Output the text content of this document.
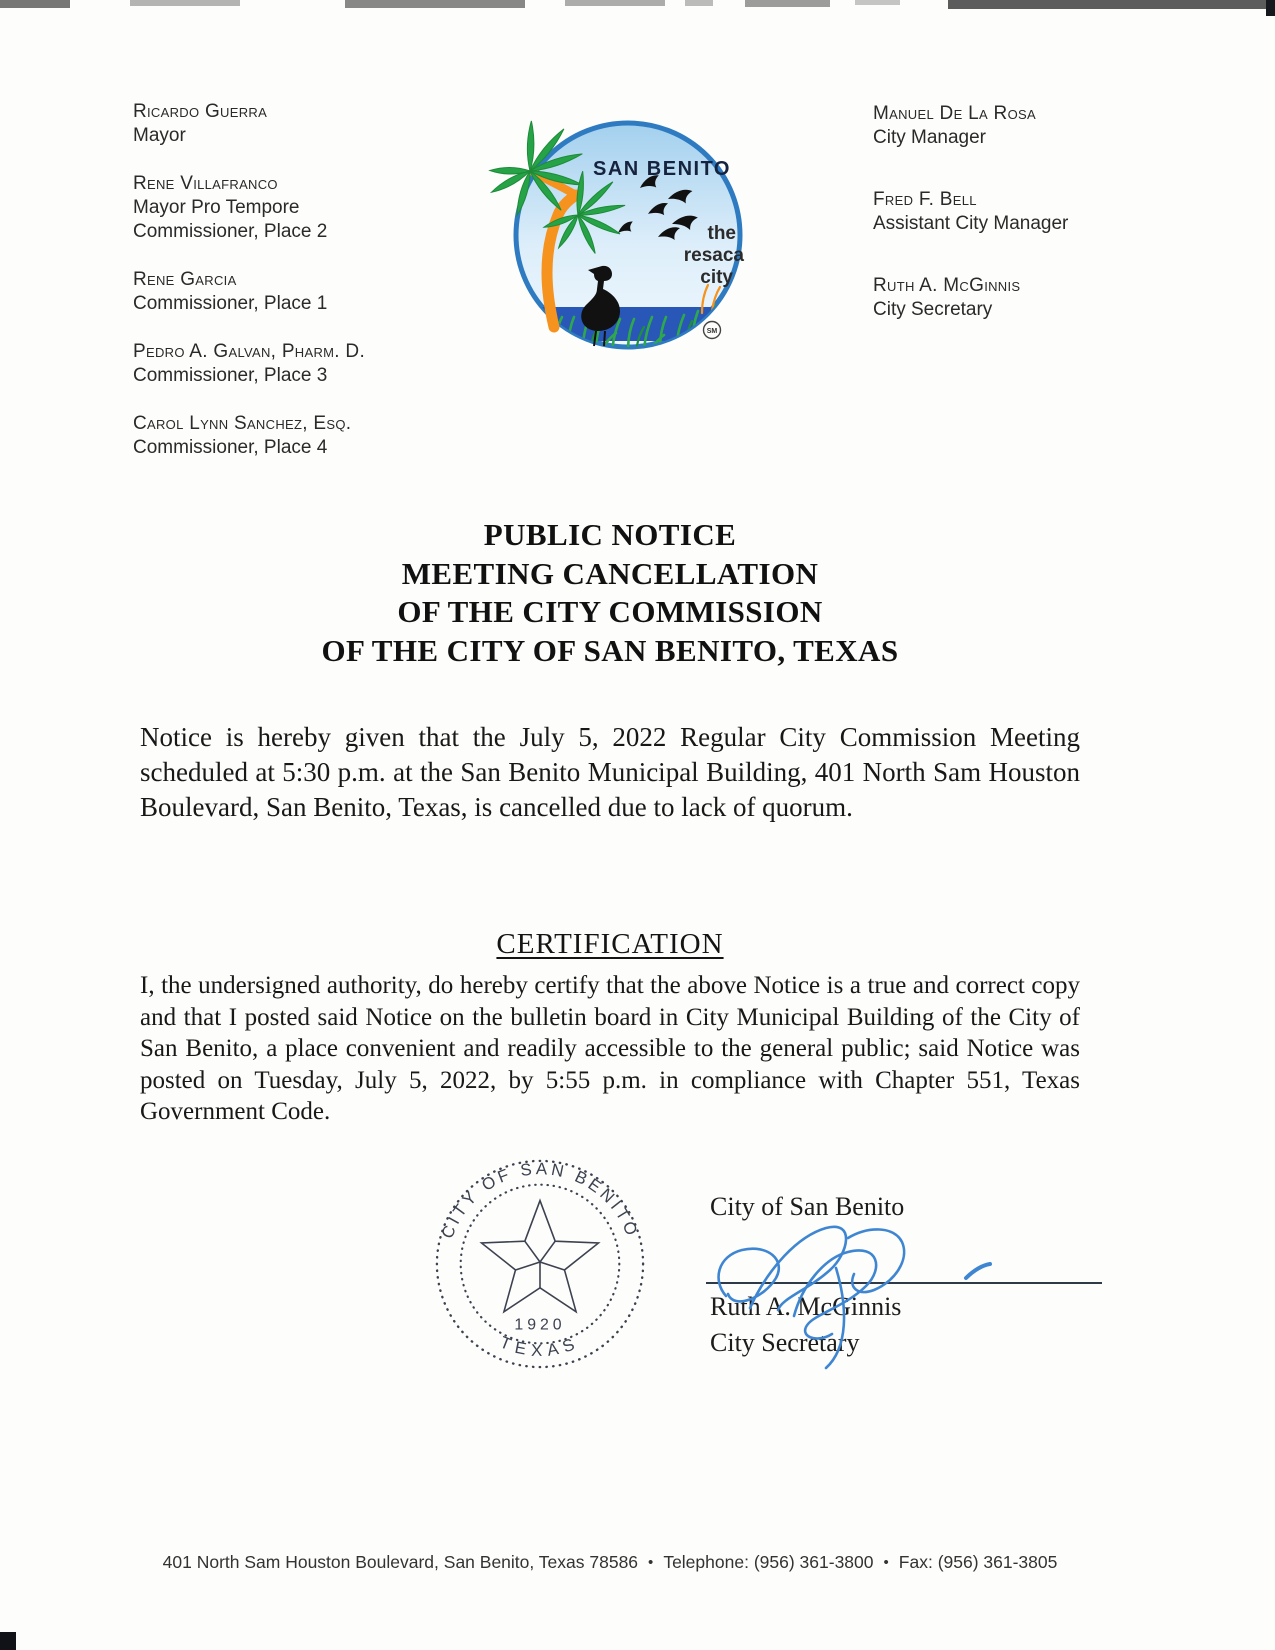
Ricardo Guerra
Mayor
Rene Villafranco
Mayor Pro Tempore
Commissioner, Place 2
Rene Garcia
Commissioner, Place 1
Pedro A. Galvan, Pharm. D.
Commissioner, Place 3
Carol Lynn Sanchez, Esq.
Commissioner, Place 4
Manuel De La Rosa
City Manager
Fred F. Bell
Assistant City Manager
Ruth A. McGinnis
City Secretary
SAN BENITO
the
resaca
city
SM
PUBLIC NOTICE
MEETING CANCELLATION
OF THE CITY COMMISSION
OF THE CITY OF SAN BENITO, TEXAS
Notice is hereby given that the July 5, 2022 Regular City Commission Meeting scheduled at 5:30 p.m. at the San Benito Municipal Building, 401 North Sam Houston Boulevard, San Benito, Texas, is cancelled due to lack of quorum.
CERTIFICATION
I, the undersigned authority, do hereby certify that the above Notice is a true and correct copy and that I posted said Notice on the bulletin board in City Municipal Building of the City of San Benito, a place convenient and readily accessible to the general public; said Notice was posted on Tuesday, July 5, 2022, by 5:55 p.m. in compliance with Chapter 551, Texas Government Code.
CITY OF SAN BENITO
TEXAS
1920
City of San Benito
Ruth A. McGinnis
City Secretary
401 North Sam Houston Boulevard, San Benito, Texas 78586 • Telephone: (956) 361-3800 • Fax: (956) 361-3805
